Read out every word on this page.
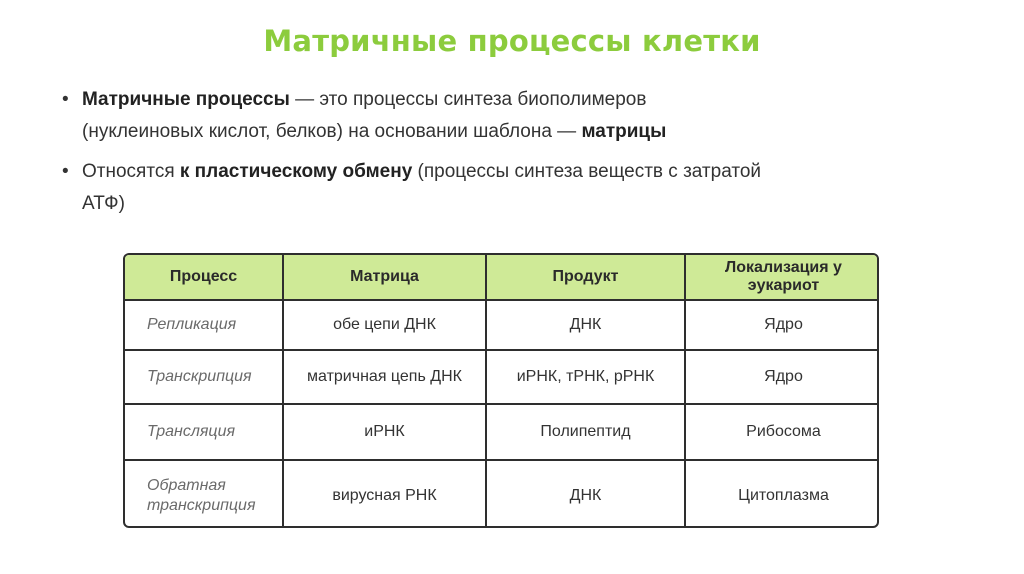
Матричные процессы клетки
• Матричные процессы — это процессы синтеза биополимеров (нуклеиновых кислот, белков) на основании шаблона — матрицы
• Относятся к пластическому обмену (процессы синтеза веществ с затратой АТФ)
Процесс	Матрица	Продукт	Локализация у эукариот
Репликация	обе цепи ДНК	ДНК	Ядро
Транскрипция	матричная цепь ДНК	иРНК, тРНК, рРНК	Ядро
Трансляция	иРНК	Полипептид	Рибосома
Обратная транскрипция	вирусная РНК	ДНК	Цитоплазма
